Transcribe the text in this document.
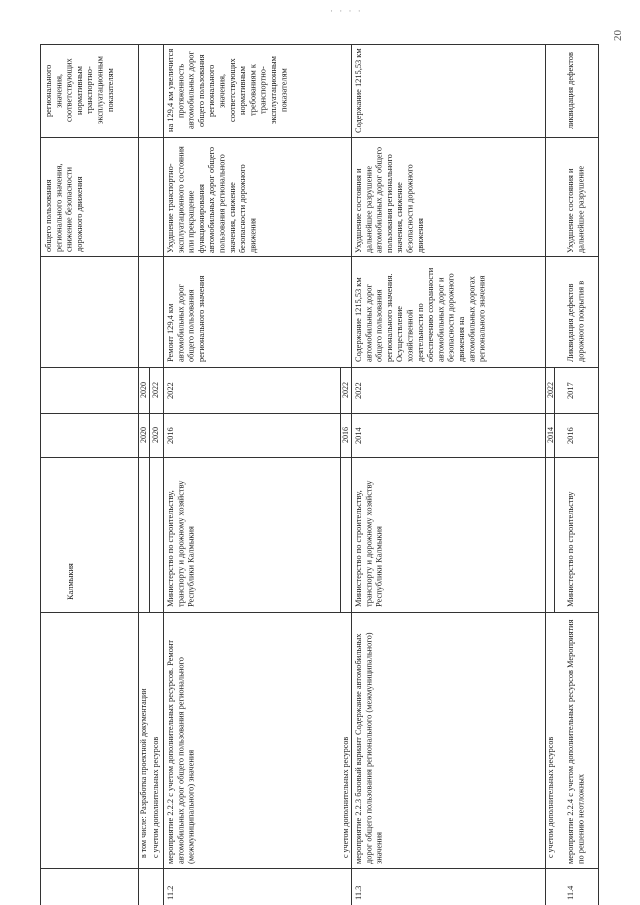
Калмыкия
общего пользования регионального значения, снижение безопасности дорожного движения
регионального значения, соответствующих нормативным транспортно-эксплуатационным показателям
в том числе: Разработка проектной документации
2020
2020
с учетом дополнительных ресурсов
2020
2022
11.2
мероприятие 2.2.2 с учетом дополнительных ресурсов. Ремонт автомобильных дорог общего пользования регионального (межмуниципального) значения
Министерство по строительству, транспорту и дорожному хозяйству Республики Калмыкия
2016
2022
Ремонт 129,4 км автомобильных дорог общего пользования регионального значения
Ухудшение транспортно-эксплуатационного состояния или прекращение функционирования автомобильных дорог общего пользования регионального значения, снижение безопасности дорожного движения
на 129,4 км увеличится протяженность автомобильных дорог общего пользования регионального значения, соответствующих нормативным требованиям к транспортно-эксплуатационным показателям
с учетом дополнительных ресурсов
2016
2022
11.3
мероприятие 2.2.3 базовый вариант Содержание автомобильных дорог общего пользования регионального (межмуниципального) значения
Министерство по строительству, транспорту и дорожному хозяйству Республики Калмыкия
2014
2022
Содержание 1215,53 км автомобильных дорог общего пользования регионального значения. Осуществление хозяйственной деятельности по обеспечению сохранности автомобильных дорог и безопасности дорожного движения на автомобильных дорогах регионального значения
Ухудшение состояния и дальнейшее разрушение автомобильных дорог общего пользования регионального значения, снижение безопасности дорожного движения
Содержание 1215,53 км
с учетом дополнительных ресурсов
2014
2022
11.4
мероприятие 2.2.4 с учетом дополнительных ресурсов Мероприятия по решению неотложных
Министерство по строительству
2016
2017
Ликвидация дефектов дорожного покрытия в
Ухудшение состояния и дальнейшее разрушение
ликвидация дефектов
20
· · · ·
